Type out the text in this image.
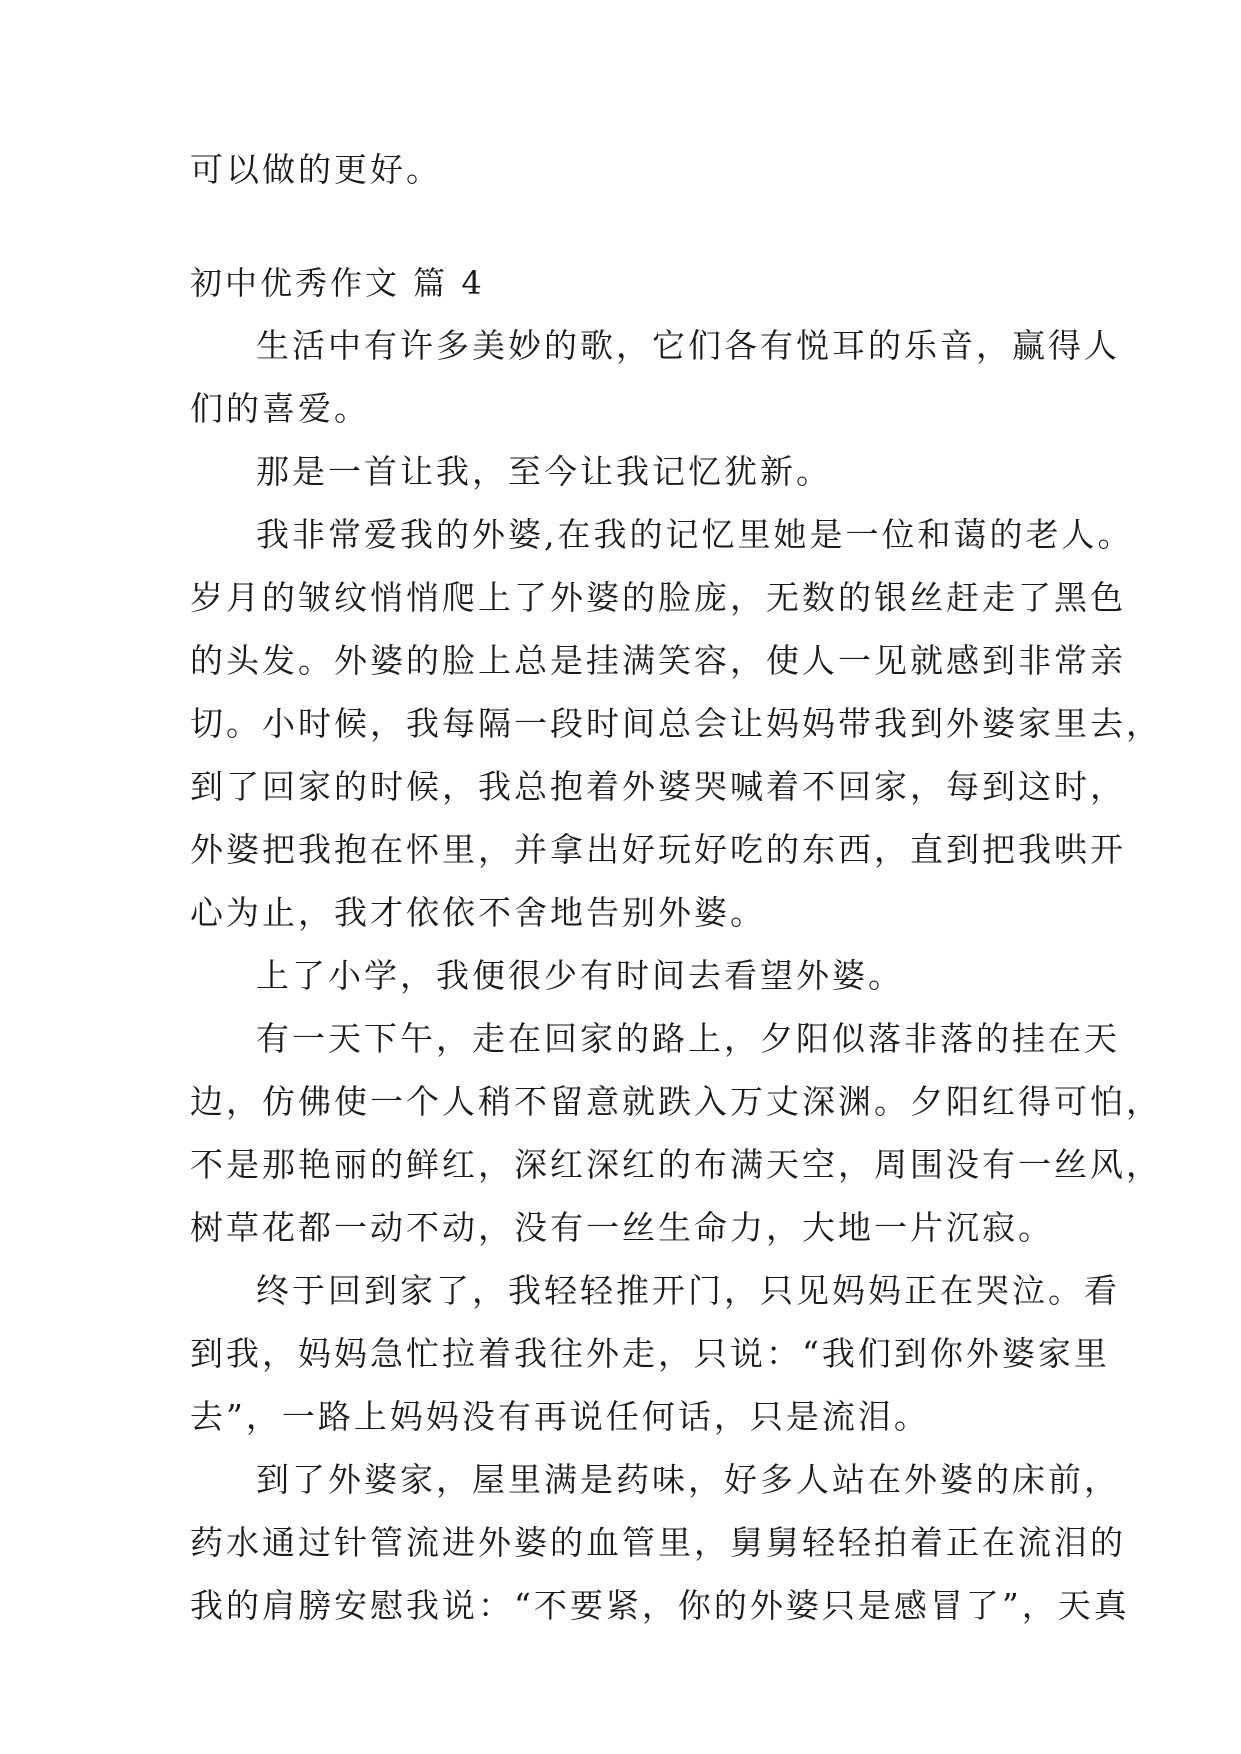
可以做的更好。
初中优秀作文 篇 4
生活中有许多美妙的歌，它们各有悦耳的乐音，赢得人
们的喜爱。
那是一首让我，至今让我记忆犹新。
我非常爱我的外婆,在我的记忆里她是一位和蔼的老人。
岁月的皱纹悄悄爬上了外婆的脸庞，无数的银丝赶走了黑色
的头发。外婆的脸上总是挂满笑容，使人一见就感到非常亲
切。小时候，我每隔一段时间总会让妈妈带我到外婆家里去，
到了回家的时候，我总抱着外婆哭喊着不回家，每到这时，
外婆把我抱在怀里，并拿出好玩好吃的东西，直到把我哄开
心为止，我才依依不舍地告别外婆。
上了小学，我便很少有时间去看望外婆。
有一天下午，走在回家的路上，夕阳似落非落的挂在天
边，仿佛使一个人稍不留意就跌入万丈深渊。夕阳红得可怕，
不是那艳丽的鲜红，深红深红的布满天空，周围没有一丝风，
树草花都一动不动，没有一丝生命力，大地一片沉寂。
终于回到家了，我轻轻推开门，只见妈妈正在哭泣。看
到我，妈妈急忙拉着我往外走，只说：“我们到你外婆家里
去”，一路上妈妈没有再说任何话，只是流泪。
到了外婆家，屋里满是药味，好多人站在外婆的床前，
药水通过针管流进外婆的血管里，舅舅轻轻拍着正在流泪的
我的肩膀安慰我说：“不要紧，你的外婆只是感冒了”，天真
